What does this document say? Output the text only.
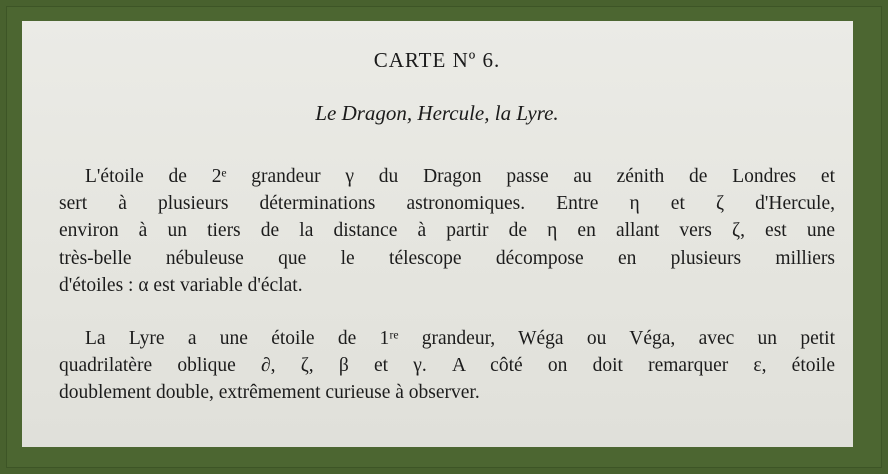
CARTE Nº 6.
Le Dragon, Hercule, la Lyre.
L'étoile de 2ᵉ grandeur γ du Dragon passe au zénith de Londres et
sert à plusieurs déterminations astronomiques. Entre η et ζ d'Hercule,
environ à un tiers de la distance à partir de η en allant vers ζ, est une
très-belle nébuleuse que le télescope décompose en plusieurs milliers
d'étoiles : α est variable d'éclat.
La Lyre a une étoile de 1ʳᵉ grandeur, Wéga ou Véga, avec un petit
quadrilatère oblique ∂, ζ, β et γ. A côté on doit remarquer ε, étoile
doublement double, extrêmement curieuse à observer.
